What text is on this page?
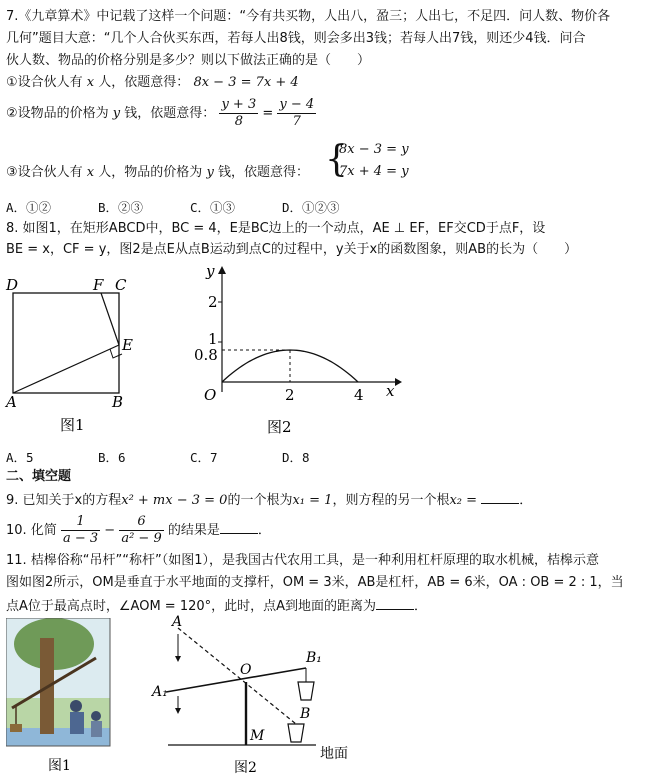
7.《九章算术》中记载了这样一个问题：“今有共买物，人出八，盈三；人出七，不足四．问人数、物价各
几何”题目大意：“几个人合伙买东西，若每人出8钱，则会多出3钱；若每人出7钱，则还少4钱．问合
伙人数、物品的价格分别是多少？则以下做法正确的是（　　）
①设合伙人有 x 人，依题意得： 8x − 3 = 7x + 4
②设物品的价格为 y 钱，依题意得： $\frac{y + 3}{8} = \frac{y - 4}{7}$
③设合伙人有 x 人，物品的价格为 y 钱，依题意得： {
8x − 3 = y
7x + 4 = y
A．①②	B．②③	C．①③	D．①②③
8. 如图1，在矩形ABCD中，BC = 4，E是BC边上的一个动点，AE ⊥ EF，EF交CD于点F，设
BE = x，CF = y，图2是点E从点B运动到点C的过程中，y关于x的函数图象，则AB的长为（　　）
D	F C
E
A	B
图1
y
x
O
2
1
0.8
2	4
图2
A．5	B．6	C．7	D．8
二、填空题
9. 已知关于x的方程x² + mx − 3 = 0的一个根为x₁ = 1，则方程的另一个根x₂ =	．
10. 化简 $\frac{1}{a - 3} - \frac{6}{\text{a² − 9}}$ 的结果是	．
11. 桔槔俗称“吊杆”“称杆”（如图1），是我国古代农用工具，是一种利用杠杆原理的取水机械，桔槔示意
图如图2所示，OM是垂直于水平地面的支撑杆，OM = 3米，AB是杠杆，AB = 6米，OA : OB = 2 : 1，当
点A位于最高点时，∠AOM = 120°，此时，点A到地面的距离为	．
图1
A
A₁
O
B₁
B
M
地面
图2
